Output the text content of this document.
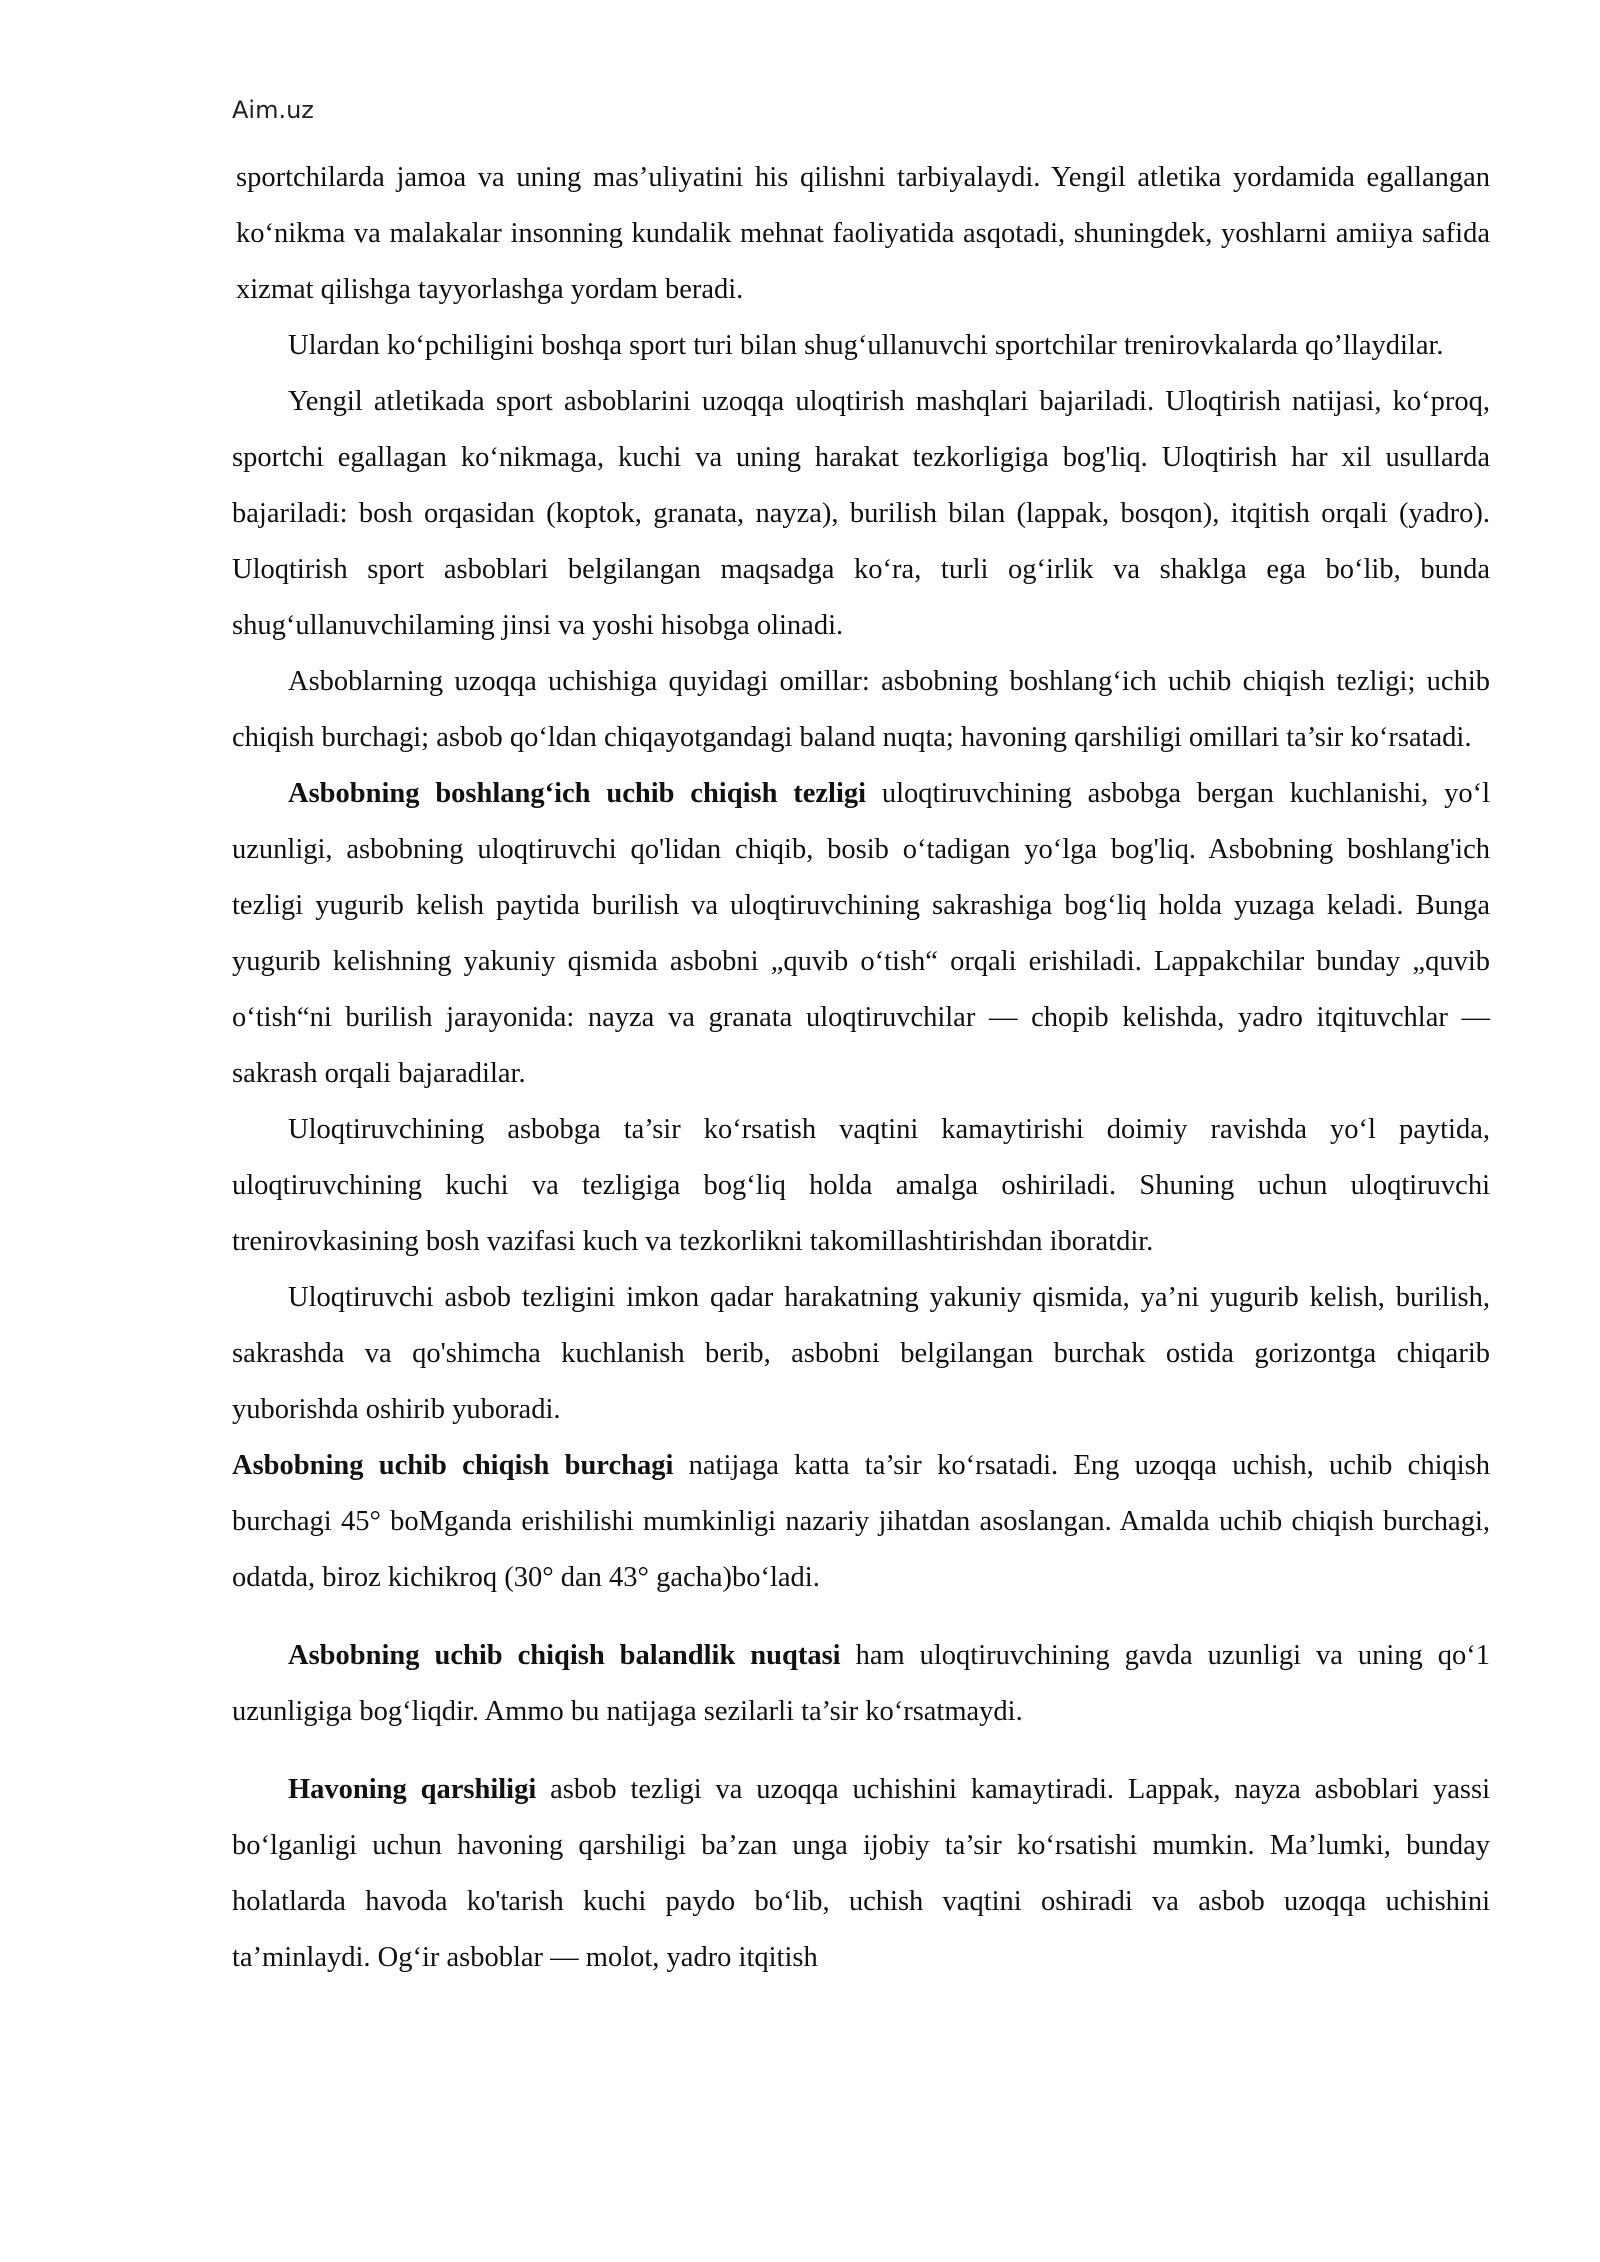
Aim.uz

sportchilarda jamoa va uning mas’uliyatini his qilishni tarbiyalaydi. Yengil atletika yordamida egallangan ko‘nikma va malakalar insonning kundalik mehnat faoliyatida asqotadi, shuningdek, yoshlarni amiiya safida xizmat qilishga tayyorlashga yordam beradi.

Ulardan ko‘pchiligini boshqa sport turi bilan shug‘ullanuvchi sportchilar trenirovkalarda qo’llaydilar.

Yengil atletikada sport asboblarini uzoqqa uloqtirish mashqlari bajariladi. Uloqtirish natijasi, ko‘proq, sportchi egallagan ko‘nikmaga, kuchi va uning harakat tezkorligiga bog'liq. Uloqtirish har xil usullarda bajariladi: bosh orqasidan (koptok, granata, nayza), burilish bilan (lappak, bosqon), itqitish orqali (yadro). Uloqtirish sport asboblari belgilangan maqsadga ko‘ra, turli og‘irlik va shaklga ega bo‘lib, bunda shug‘ullanuvchilaming jinsi va yoshi hisobga olinadi.

Asboblarning uzoqqa uchishiga quyidagi omillar: asbobning boshlang‘ich uchib chiqish tezligi; uchib chiqish burchagi; asbob qo‘ldan chiqayotgandagi baland nuqta; havoning qarshiligi omillari ta’sir ko‘rsatadi.

Asbobning boshlang‘ich uchib chiqish tezligi uloqtiruvchining asbobga bergan kuchlanishi, yo‘l uzunligi, asbobning uloqtiruvchi qo'lidan chiqib, bosib o‘tadigan yo‘lga bog'liq. Asbobning boshlang'ich tezligi yugurib kelish paytida burilish va uloqtiruvchining sakrashiga bog‘liq holda yuzaga keladi. Bunga yugurib kelishning yakuniy qismida asbobni „quvib o‘tish“ orqali erishiladi. Lappakchilar bunday „quvib o‘tish“ni burilish jarayonida: nayza va granata uloqtiruvchilar — chopib kelishda, yadro itqituvchlar — sakrash orqali bajaradilar.

Uloqtiruvchining asbobga ta’sir ko‘rsatish vaqtini kamaytirishi doimiy ravishda yo‘l paytida, uloqtiruvchining kuchi va tezligiga bog‘liq holda amalga oshiriladi. Shuning uchun uloqtiruvchi trenirovkasining bosh vazifasi kuch va tezkorlikni takomillashtirishdan iboratdir.

Uloqtiruvchi asbob tezligini imkon qadar harakatning yakuniy qismida, ya’ni yugurib kelish, burilish, sakrashda va qo'shimcha kuchlanish berib, asbobni belgilangan burchak ostida gorizontga chiqarib yuborishda oshirib yuboradi.

Asbobning uchib chiqish burchagi natijaga katta ta’sir ko‘rsatadi. Eng uzoqqa uchish, uchib chiqish burchagi 45° boMganda erishilishi mumkinligi nazariy jihatdan asoslangan. Amalda uchib chiqish burchagi, odatda, biroz kichikroq (30° dan 43° gacha)bo‘ladi.

Asbobning uchib chiqish balandlik nuqtasi ham uloqtiruvchining gavda uzunligi va uning qo‘1 uzunligiga bog‘liqdir. Ammo bu natijaga sezilarli ta’sir ko‘rsatmaydi.

Havoning qarshiligi asbob tezligi va uzoqqa uchishini kamaytiradi. Lappak, nayza asboblari yassi bo‘lganligi uchun havoning qarshiligi ba’zan unga ijobiy ta’sir ko‘rsatishi mumkin. Ma’lumki, bunday holatlarda havoda ko'tarish kuchi paydo bo‘lib, uchish vaqtini oshiradi va asbob uzoqqa uchishini ta’minlaydi. Og‘ir asboblar — molot, yadro itqitish
